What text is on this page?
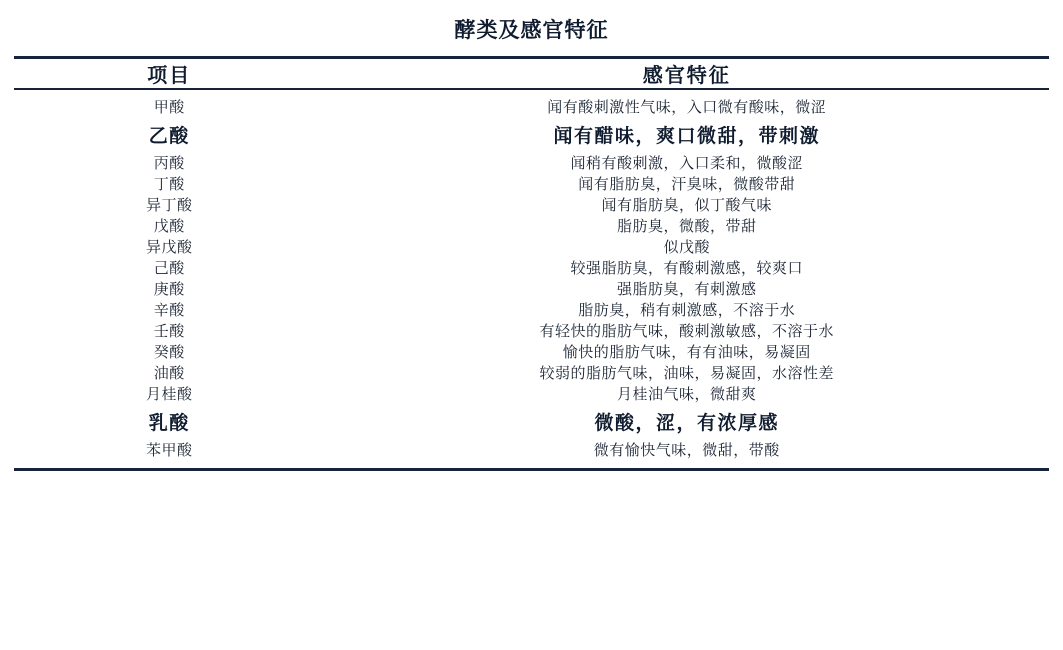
酵类及感官特征
项目	感官特征
甲酸	闻有酸刺激性气味，入口微有酸味，微涩
乙酸	闻有醋味，爽口微甜，带刺激
丙酸	闻稍有酸刺激，入口柔和，微酸涩
丁酸	闻有脂肪臭，汗臭味，微酸带甜
异丁酸	闻有脂肪臭，似丁酸气味
戊酸	脂肪臭，微酸，带甜
异戊酸	似戊酸
己酸	较强脂肪臭，有酸刺激感，较爽口
庚酸	强脂肪臭，有刺激感
辛酸	脂肪臭，稍有刺激感，不溶于水
壬酸	有轻快的脂肪气味，酸刺激敏感，不溶于水
癸酸	愉快的脂肪气味，有有油味，易凝固
油酸	较弱的脂肪气味，油味，易凝固，水溶性差
月桂酸	月桂油气味，微甜爽
乳酸	微酸，涩，有浓厚感
苯甲酸	微有愉快气味，微甜，带酸
